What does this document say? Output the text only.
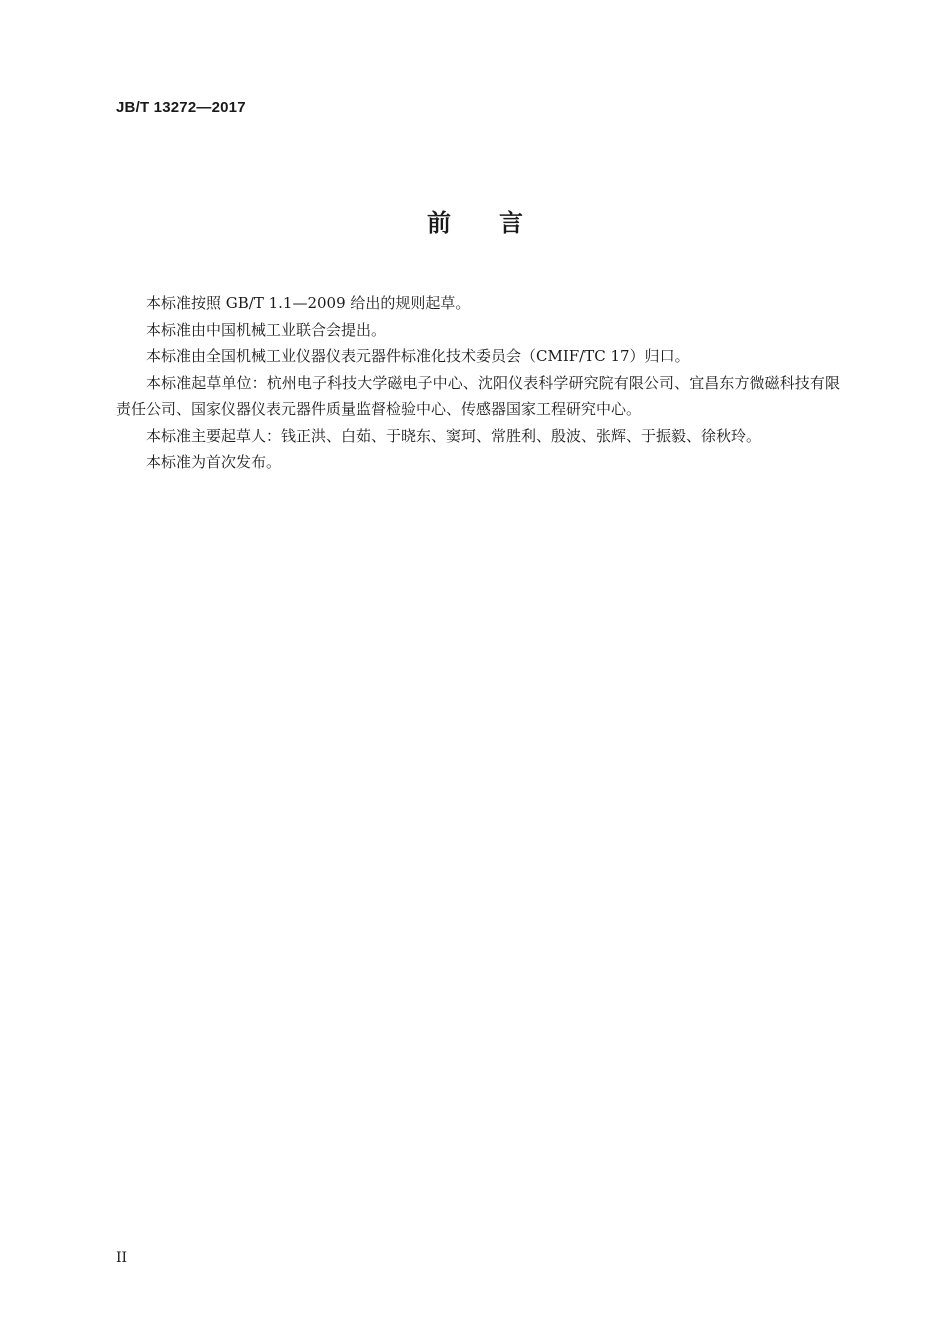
JB/T 13272—2017
前 言

本标准按照 GB/T 1.1—2009 给出的规则起草。

本标准由中国机械工业联合会提出。

本标准由全国机械工业仪器仪表元器件标准化技术委员会（CMIF/TC 17）归口。

本标准起草单位：杭州电子科技大学磁电子中心、沈阳仪表科学研究院有限公司、宜昌东方微磁科技有限责任公司、国家仪器仪表元器件质量监督检验中心、传感器国家工程研究中心。

本标准主要起草人：钱正洪、白茹、于晓东、窦珂、常胜利、殷波、张辉、于振毅、徐秋玲。

本标准为首次发布。

II
